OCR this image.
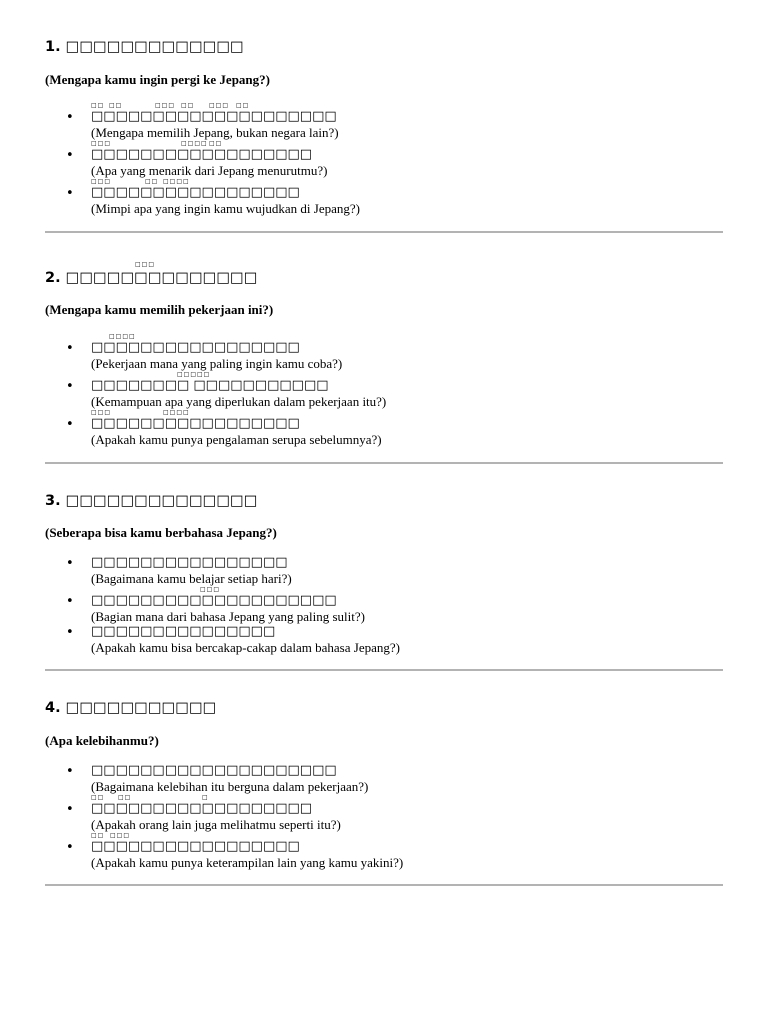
1. □□□□□□□□□□□□□

(Mengapa kamu ingin pergi ke Jepang?)

□□ □□	□□□ □□ □□□ □□
• □□□□□□□□□□□□□□□□□□□□
(Mengapa memilih Jepang, bukan negara lain?)
□□□	□□□□ □□
• □□□□□□□□□□□□□□□□□□
(Apa yang menarik dari Jepang menurutmu?)
□□□	□□ □□□□
• □□□□□□□□□□□□□□□□□
(Mimpi apa yang ingin kamu wujudkan di Jepang?)
□□□
2. □□□□□□□□□□□□□□

(Mengapa kamu memilih pekerjaan ini?)

□□□□
• □□□□□□□□□□□□□□□□□
(Pekerjaan mana yang paling ingin kamu coba?)
□□□□□
• □□□□□□□□ □□□□□□□□□□□
(Kemampuan apa yang diperlukan dalam pekerjaan itu?)
□□□	□□□□
• □□□□□□□□□□□□□□□□□
(Apakah kamu punya pengalaman serupa sebelumnya?)
3. □□□□□□□□□□□□□□

(Seberapa bisa kamu berbahasa Jepang?)

• □□□□□□□□□□□□□□□□
(Bagaimana kamu belajar setiap hari?)
□□□
• □□□□□□□□□□□□□□□□□□□□
(Bagian mana dari bahasa Jepang yang paling sulit?)
• □□□□□□□□□□□□□□□
(Apakah kamu bisa bercakap-cakap dalam bahasa Jepang?)
4. □□□□□□□□□□□

(Apa kelebihanmu?)

• □□□□□□□□□□□□□□□□□□□□
(Bagaimana kelebihan itu berguna dalam pekerjaan?)
□□ □□	□
• □□□□□□□□□□□□□□□□□□
(Apakah orang lain juga melihatmu seperti itu?)
□□ □□□
• □□□□□□□□□□□□□□□□□
(Apakah kamu punya keterampilan lain yang kamu yakini?)
